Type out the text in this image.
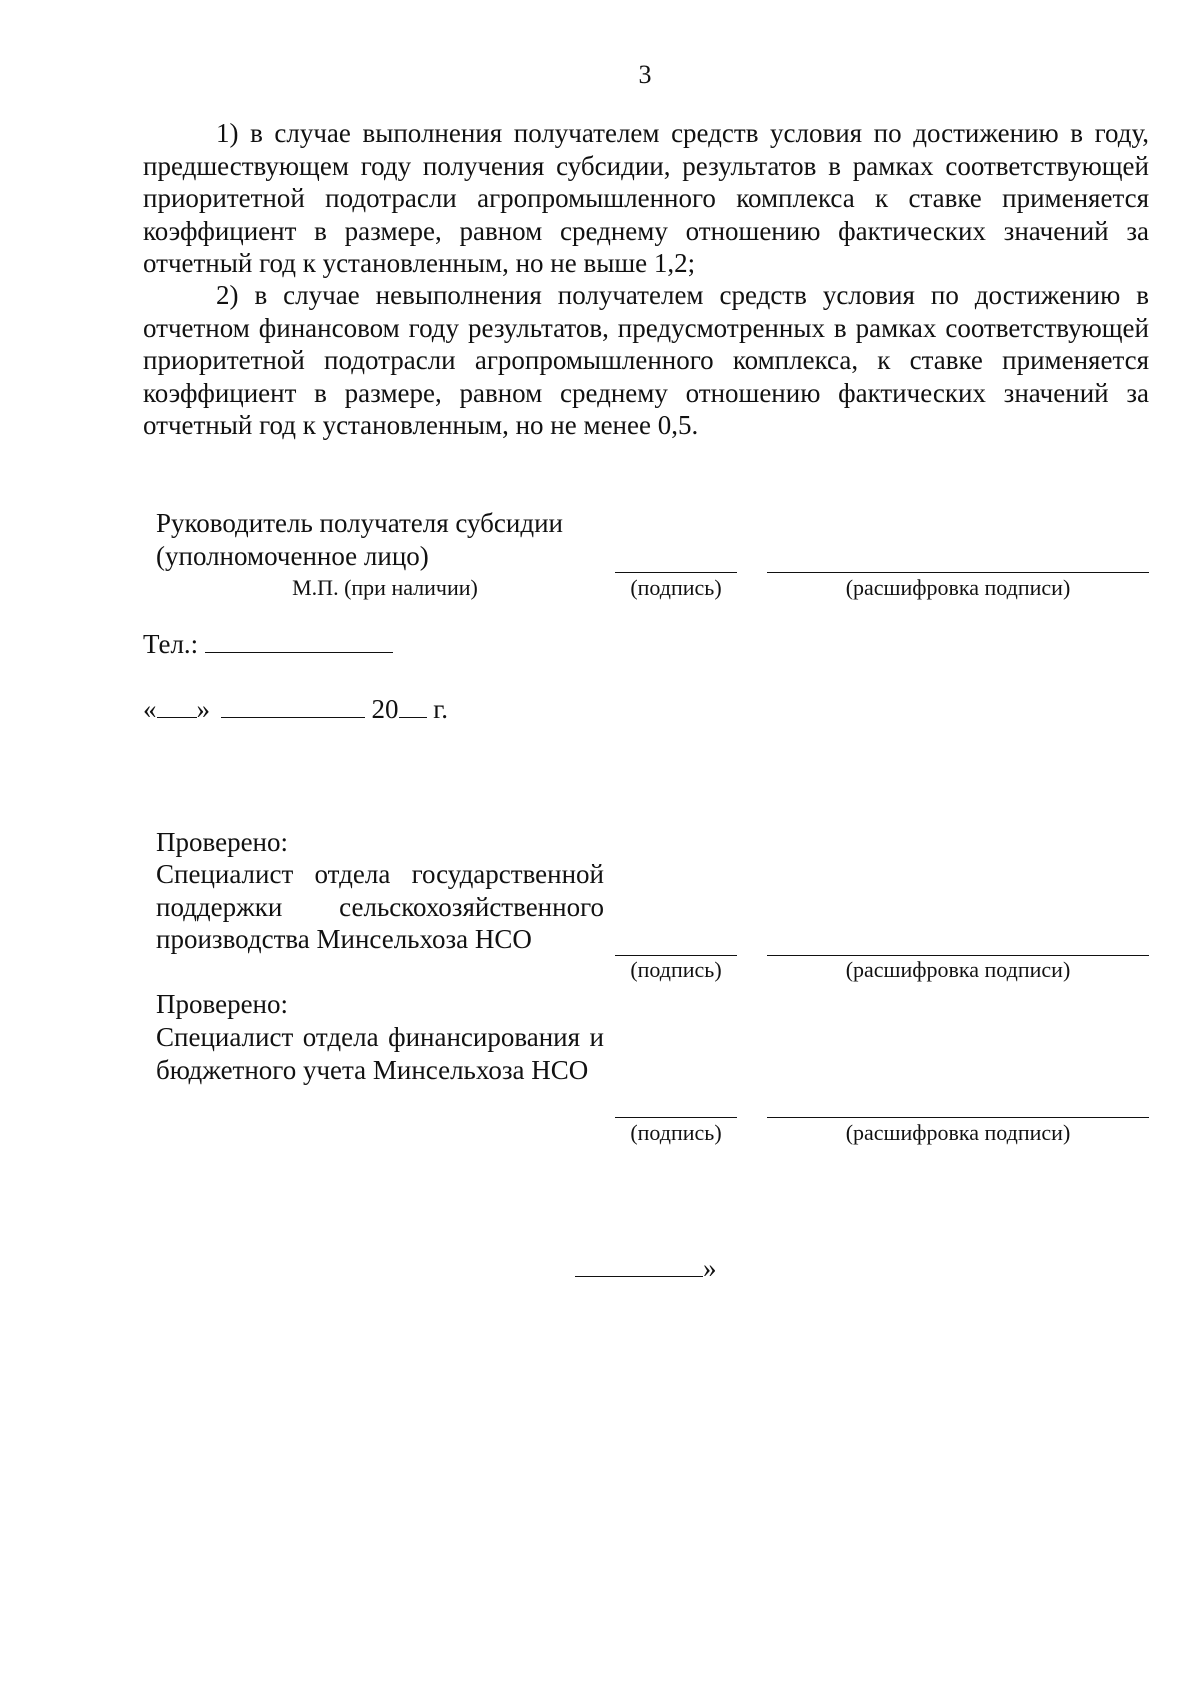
3

1) в случае выполнения получателем средств условия по достижению в году, предшествующем году получения субсидии, результатов в рамках соответствующей приоритетной подотрасли агропромышленного комплекса к ставке применяется коэффициент в размере, равном среднему отношению фактических значений за отчетный год к установленным, но не выше 1,2;

2) в случае невыполнения получателем средств условия по достижению в отчетном финансовом году результатов, предусмотренных в рамках соответствующей приоритетной подотрасли агропромышленного комплекса, к ставке применяется коэффициент в размере, равном среднему отношению фактических значений за отчетный год к установленным, но не менее 0,5.

Руководитель получателя субсидии
(уполномоченное лицо)
М.П. (при наличии)	(подпись)	(расшифровка подписи)
Тел.:
« »	20 г.
Проверено:

Специалист отдела государственной поддержки сельскохозяйственного производства Минсельхоза НСО

(подпись)	(расшифровка подписи)
Проверено:

Специалист отдела финансирования и бюджетного учета Минсельхоза НСО

(подпись)	(расшифровка подписи)
»
